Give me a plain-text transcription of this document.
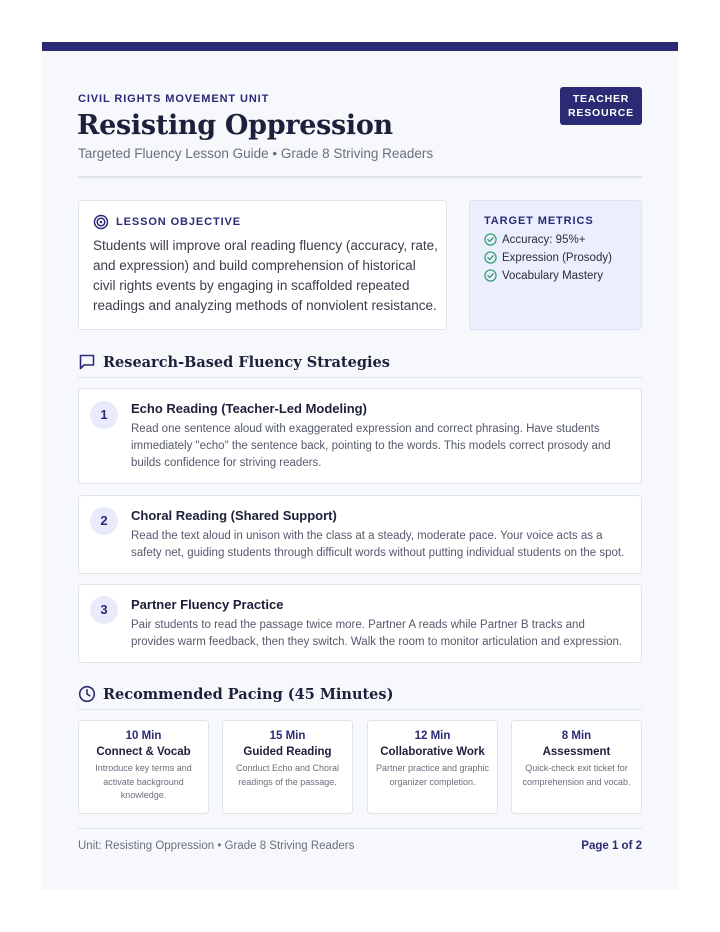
CIVIL RIGHTS MOVEMENT UNIT
Resisting Oppression
Targeted Fluency Lesson Guide • Grade 8 Striving Readers
TEACHER
RESOURCE
LESSON OBJECTIVE
Students will improve oral reading fluency (accuracy, rate, and expression) and build comprehension of historical civil rights events by engaging in scaffolded repeated readings and analyzing methods of nonviolent resistance.
TARGET METRICS
Accuracy: 95%+
Expression (Prosody)
Vocabulary Mastery
Research-Based Fluency Strategies
1	Echo Reading (Teacher-Led Modeling)
Read one sentence aloud with exaggerated expression and correct phrasing. Have students immediately "echo" the sentence back, pointing to the words. This models correct prosody and builds confidence for striving readers.
2	Choral Reading (Shared Support)
Read the text aloud in unison with the class at a steady, moderate pace. Your voice acts as a safety net, guiding students through difficult words without putting individual students on the spot.
3	Partner Fluency Practice
Pair students to read the passage twice more. Partner A reads while Partner B tracks and provides warm feedback, then they switch. Walk the room to monitor articulation and expression.
Recommended Pacing (45 Minutes)
10 Min
Connect & Vocab
Introduce key terms and activate background knowledge.
15 Min
Guided Reading
Conduct Echo and Choral readings of the passage.
12 Min
Collaborative Work
Partner practice and graphic organizer completion.
8 Min
Assessment
Quick-check exit ticket for comprehension and vocab.
Unit: Resisting Oppression • Grade 8 Striving Readers	Page 1 of 2
